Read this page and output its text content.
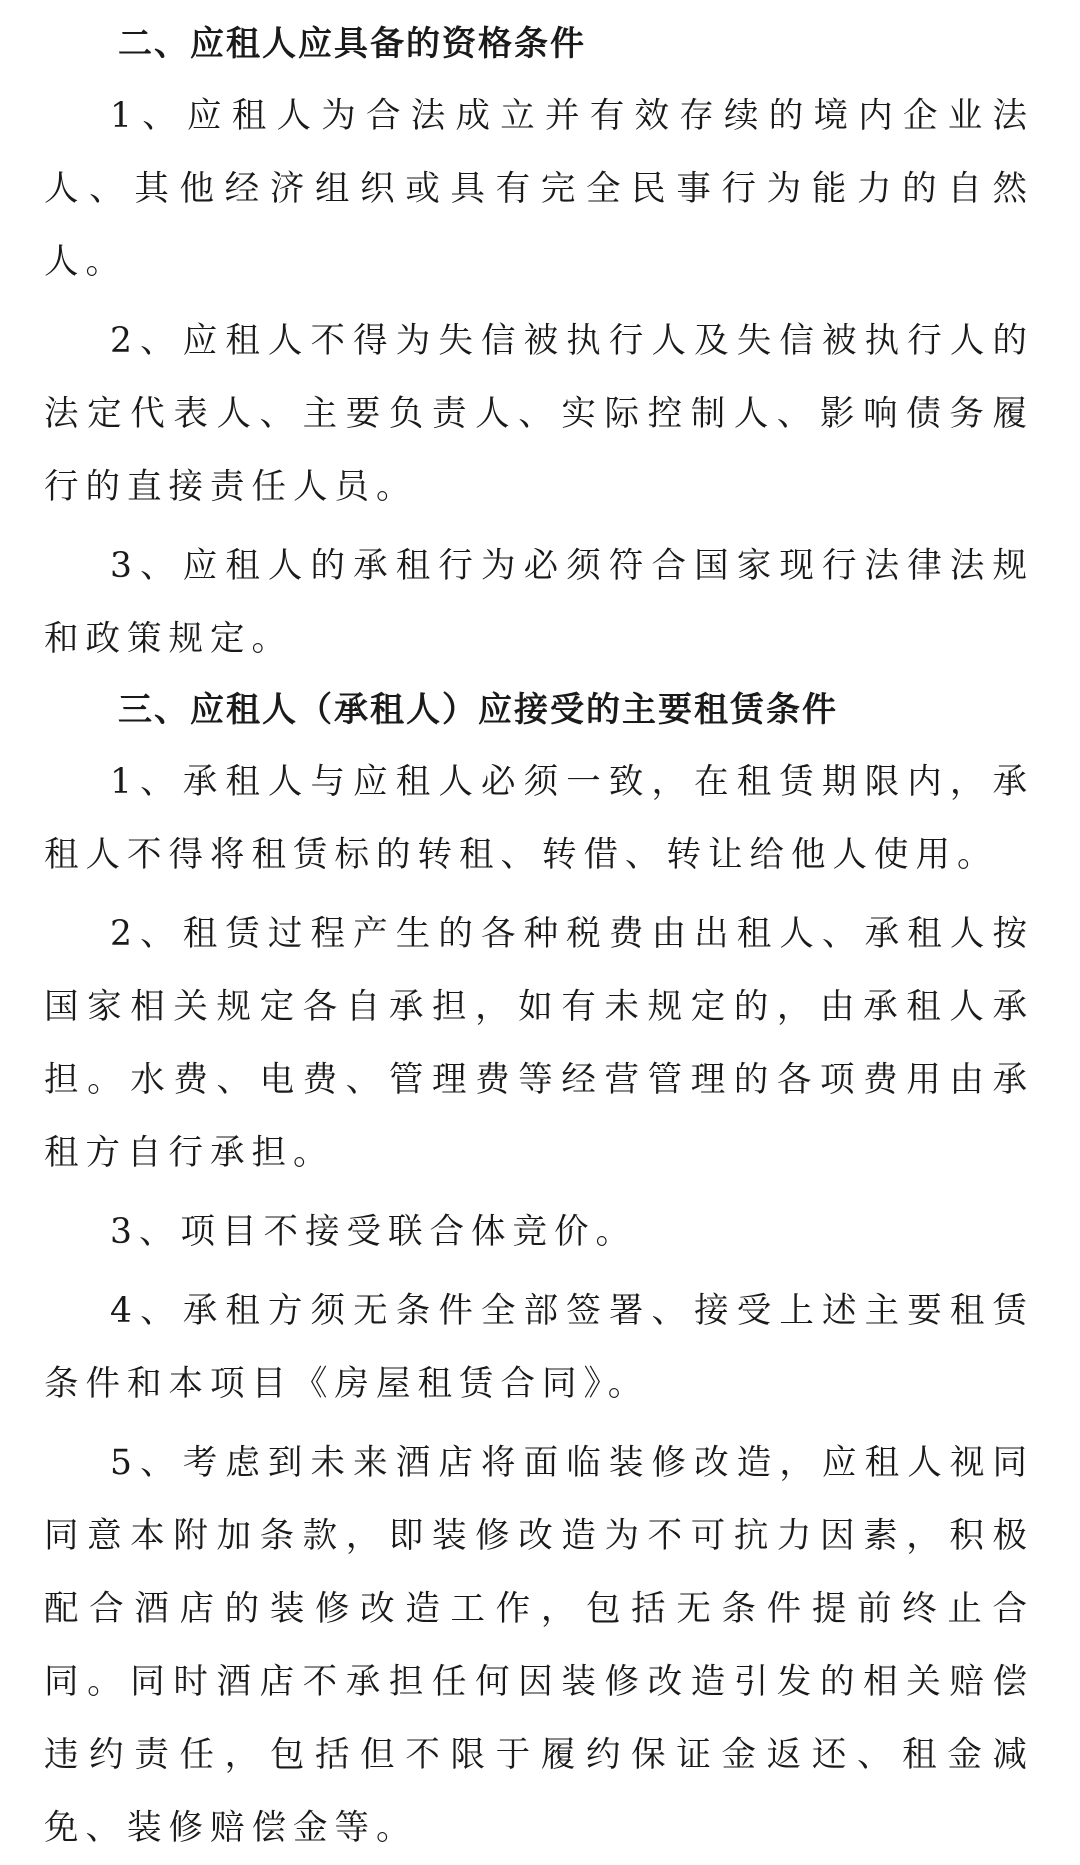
二、应租人应具备的资格条件

1、应租人为合法成立并有效存续的境内企业法人、其他经济组织或具有完全民事行为能力的自然人。

2、应租人不得为失信被执行人及失信被执行人的法定代表人、主要负责人、实际控制人、影响债务履行的直接责任人员。

3、应租人的承租行为必须符合国家现行法律法规和政策规定。

三、应租人（承租人）应接受的主要租赁条件

1、承租人与应租人必须一致，在租赁期限内，承租人不得将租赁标的转租、转借、转让给他人使用。

2、租赁过程产生的各种税费由出租人、承租人按国家相关规定各自承担，如有未规定的，由承租人承担。水费、电费、管理费等经营管理的各项费用由承租方自行承担。

3、项目不接受联合体竞价。

4、承租方须无条件全部签署、接受上述主要租赁条件和本项目《房屋租赁合同》。

5、考虑到未来酒店将面临装修改造，应租人视同同意本附加条款，即装修改造为不可抗力因素，积极配合酒店的装修改造工作，包括无条件提前终止合同。同时酒店不承担任何因装修改造引发的相关赔偿违约责任，包括但不限于履约保证金返还、租金减免、装修赔偿金等。
